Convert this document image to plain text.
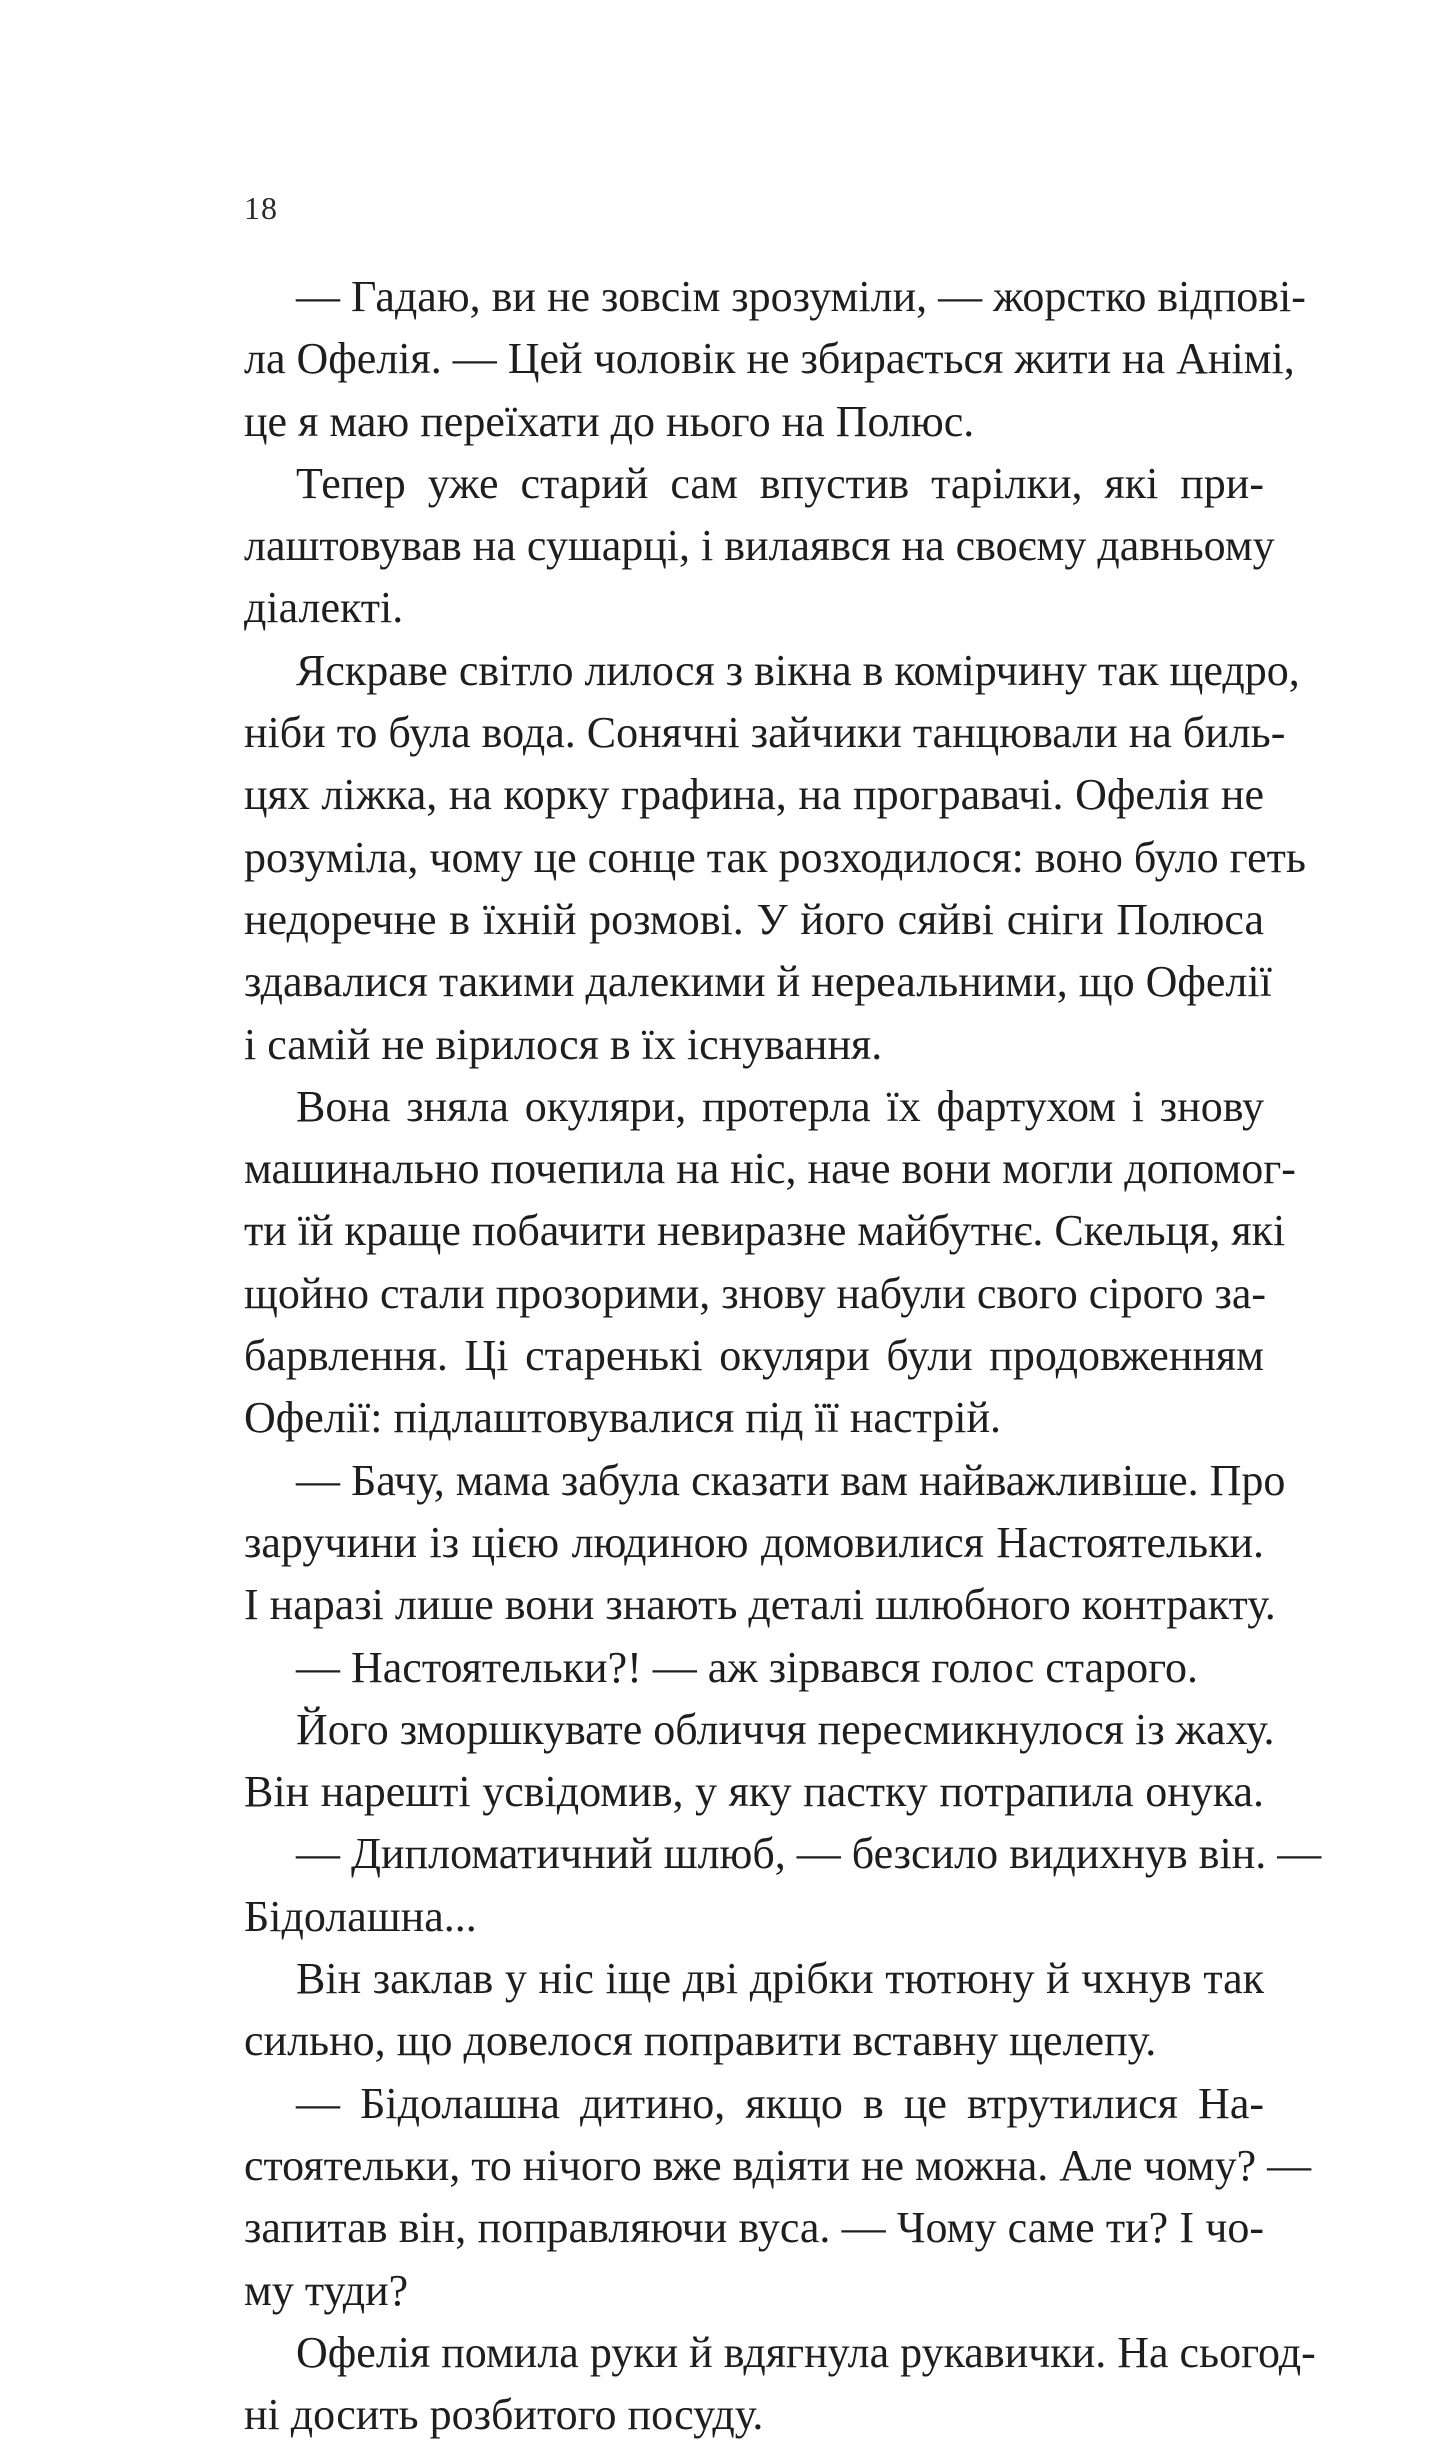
18
— Гадаю, ви не зовсім зрозуміли, — жорстко відпові-
ла Офелія. — Цей чоловік не збирається жити на Анімі,
це я маю переїхати до нього на Полюс.
Тепер уже старий сам впустив тарілки, які при-
лаштовував на сушарці, і вилаявся на своєму давньому
діалекті.
Яскраве світло лилося з вікна в комірчину так щедро,
ніби то була вода. Сонячні зайчики танцювали на биль-
цях ліжка, на корку графина, на програвачі. Офелія не
розуміла, чому це сонце так розходилося: воно було геть
недоречне в їхній розмові. У його сяйві сніги Полюса
здавалися такими далекими й нереальними, що Офелії
і самій не вірилося в їх існування.
Вона зняла окуляри, протерла їх фартухом і знову
машинально почепила на ніс, наче вони могли допомог-
ти їй краще побачити невиразне майбутнє. Скельця, які
щойно стали прозорими, знову набули свого сірого за-
барвлення. Ці старенькі окуляри були продовженням
Офелії: підлаштовувалися під її настрій.
— Бачу, мама забула сказати вам найважливіше. Про
заручини із цією людиною домовилися Настоятельки.
І наразі лише вони знають деталі шлюбного контракту.
— Настоятельки?! — аж зірвався голос старого.
Його зморшкувате обличчя пересмикнулося із жаху.
Він нарешті усвідомив, у яку пастку потрапила онука.
— Дипломатичний шлюб, — безсило видихнув він. —
Бідолашна...
Він заклав у ніс іще дві дрібки тютюну й чхнув так
сильно, що довелося поправити вставну щелепу.
— Бідолашна дитино, якщо в це втрутилися На-
стоятельки, то нічого вже вдіяти не можна. Але чому? —
запитав він, поправляючи вуса. — Чому саме ти? І чо-
му туди?
Офелія помила руки й вдягнула рукавички. На сьогод-
ні досить розбитого посуду.
